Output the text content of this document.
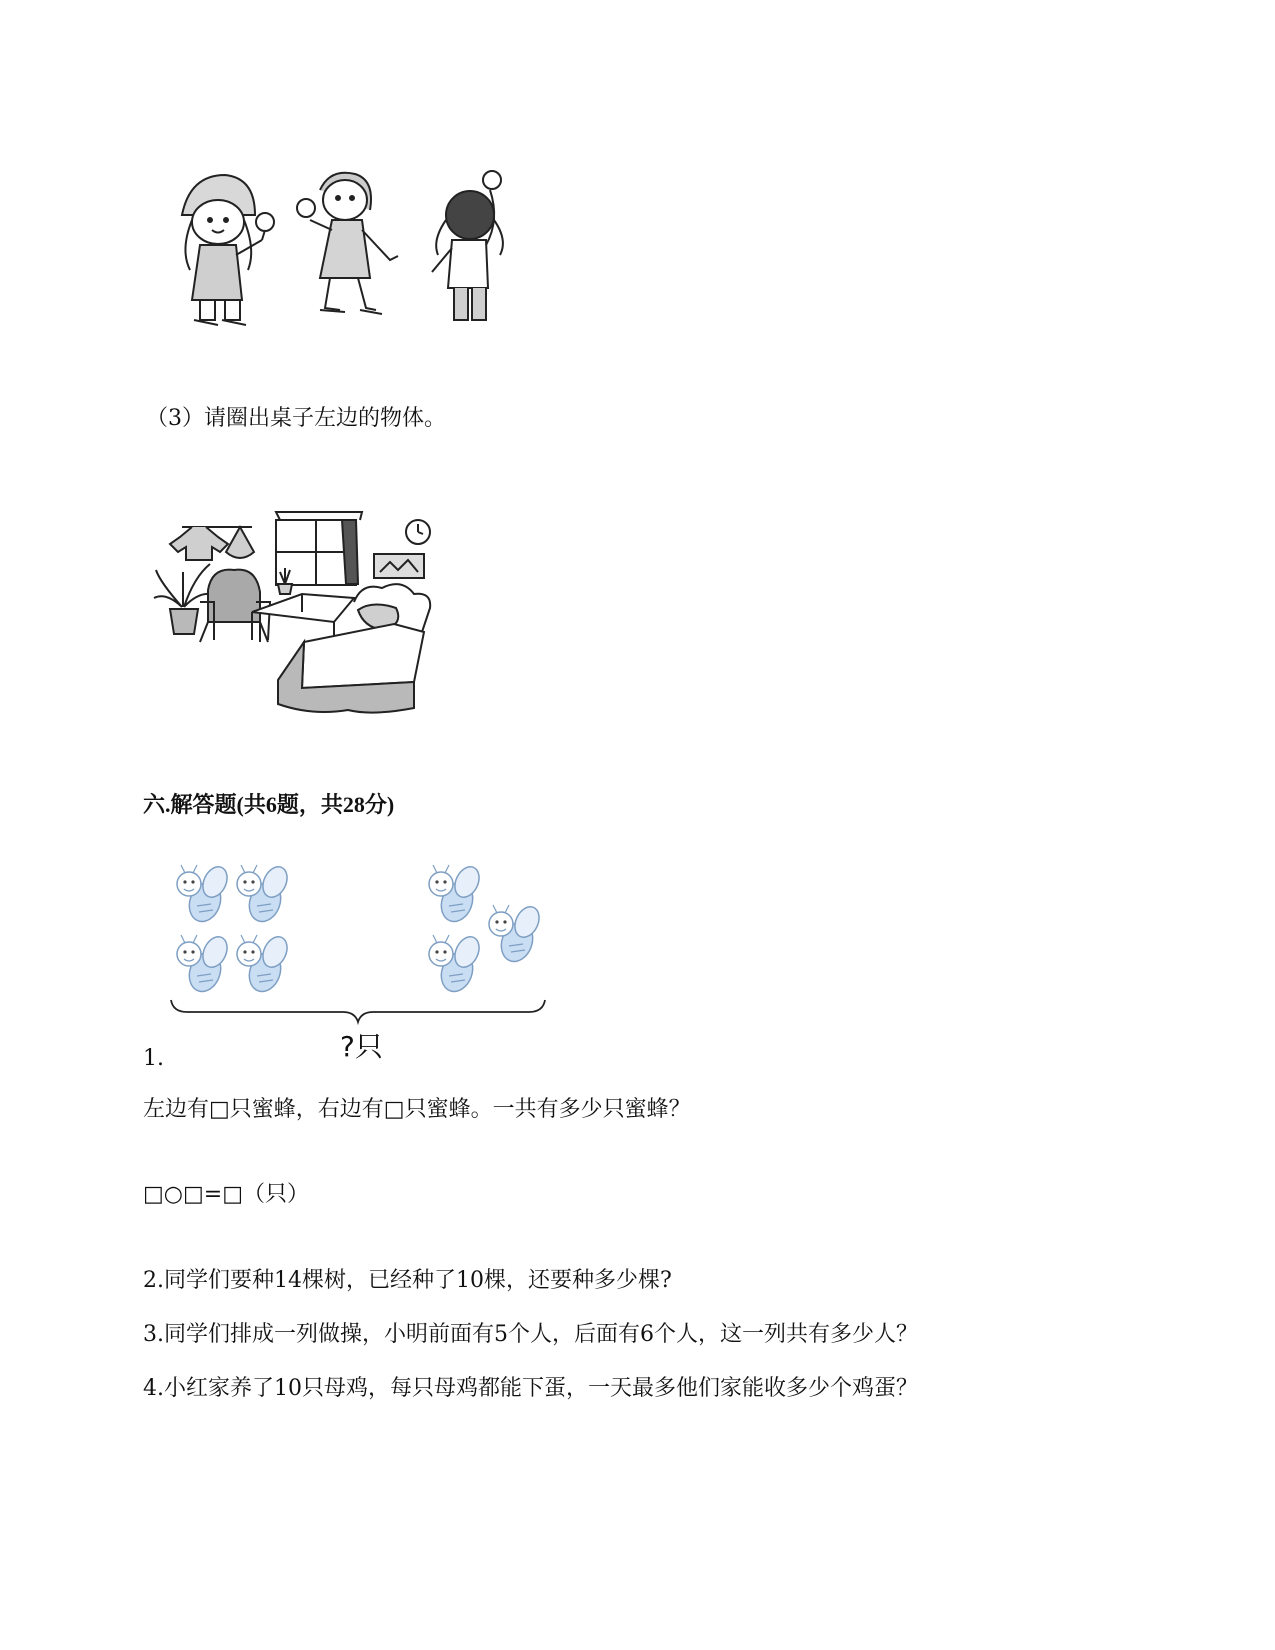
（3）请圈出桌子左边的物体。
六.解答题(共6题，共28分)
?只
1.
左边有□只蜜蜂，右边有□只蜜蜂。一共有多少只蜜蜂？
□○□=□（只）
2.同学们要种14棵树，已经种了10棵，还要种多少棵?
3.同学们排成一列做操，小明前面有5个人，后面有6个人，这一列共有多少人？
4.小红家养了10只母鸡，每只母鸡都能下蛋，一天最多他们家能收多少个鸡蛋？
